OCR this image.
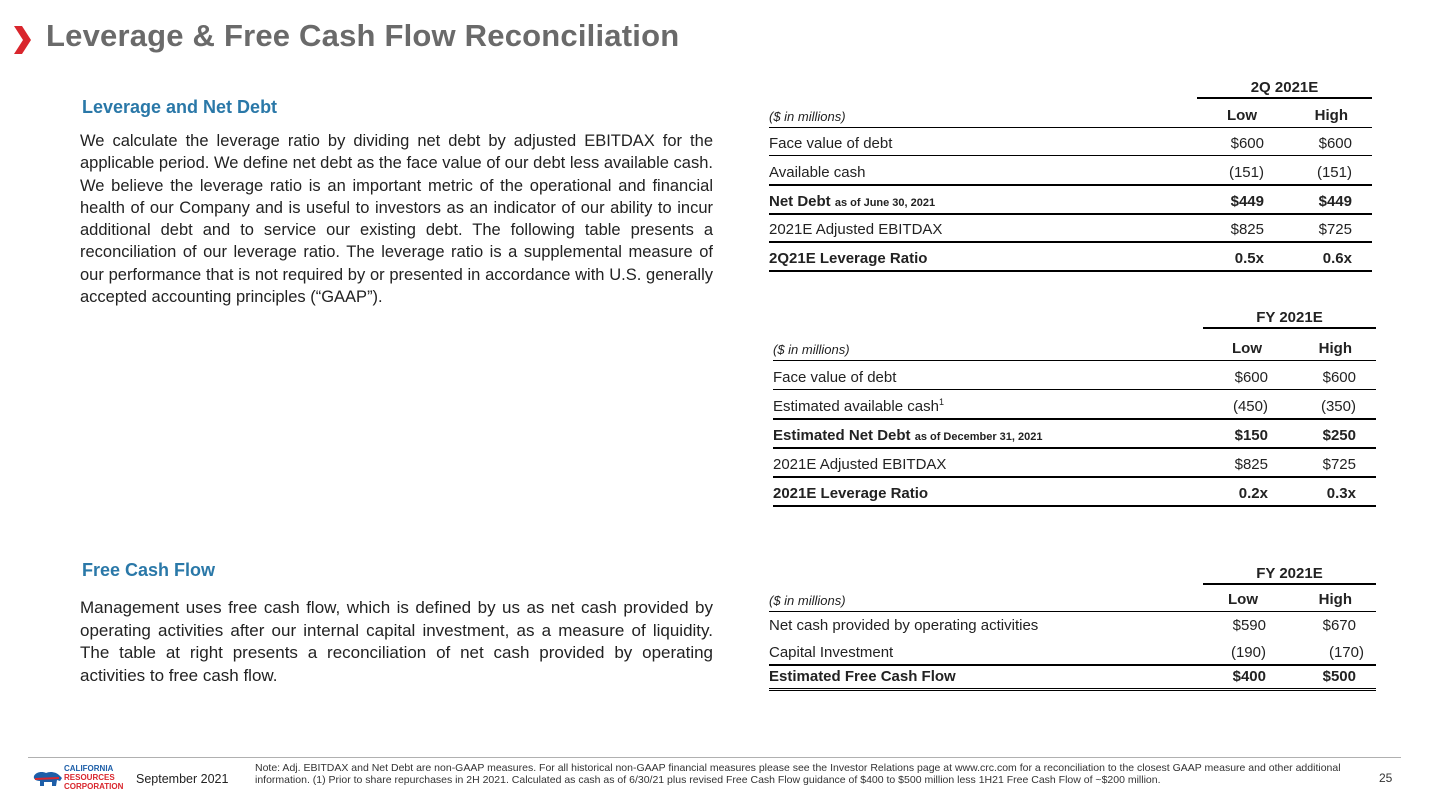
Leverage & Free Cash Flow Reconciliation
Leverage and Net Debt
We calculate the leverage ratio by dividing net debt by adjusted EBITDAX for the applicable period. We define net debt as the face value of our debt less available cash. We believe the leverage ratio is an important metric of the operational and financial health of our Company and is useful to investors as an indicator of our ability to incur additional debt and to service our existing debt. The following table presents a reconciliation of our leverage ratio. The leverage ratio is a supplemental measure of our performance that is not required by or presented in accordance with U.S. generally accepted accounting principles (“GAAP”).
Free Cash Flow
Management uses free cash flow, which is defined by us as net cash provided by operating activities after our internal capital investment, as a measure of liquidity. The table at right presents a reconciliation of net cash provided by operating activities to free cash flow.
2Q 2021E
($ in millions)	Low	High
Face value of debt	$600	$600
Available cash	(151)	(151)
Net Debt as of June 30, 2021	$449	$449
2021E Adjusted EBITDAX	$825	$725
2Q21E Leverage Ratio	0.5x	0.6x
FY 2021E
($ in millions)	Low	High
Face value of debt	$600	$600
Estimated available cash$^1$	(450)	(350)
Estimated Net Debt as of December 31, 2021	$150	$250
2021E Adjusted EBITDAX	$825	$725
2021E Leverage Ratio	0.2x	0.3x
FY 2021E
($ in millions)	Low	High
Net cash provided by operating activities	$590	$670
Capital Investment	(190)	(170)
Estimated Free Cash Flow	$400	$500
CALIFORNIA
RESOURCES
CORPORATION
September 2021
Note: Adj. EBITDAX and Net Debt are non-GAAP measures. For all historical non-GAAP financial measures please see the Investor Relations page at www.crc.com for a reconciliation to the closest GAAP measure and other additional information. (1) Prior to share repurchases in 2H 2021. Calculated as cash as of 6/30/21 plus revised Free Cash Flow guidance of $400 to $500 million less 1H21 Free Cash Flow of ~$200 million.	25
